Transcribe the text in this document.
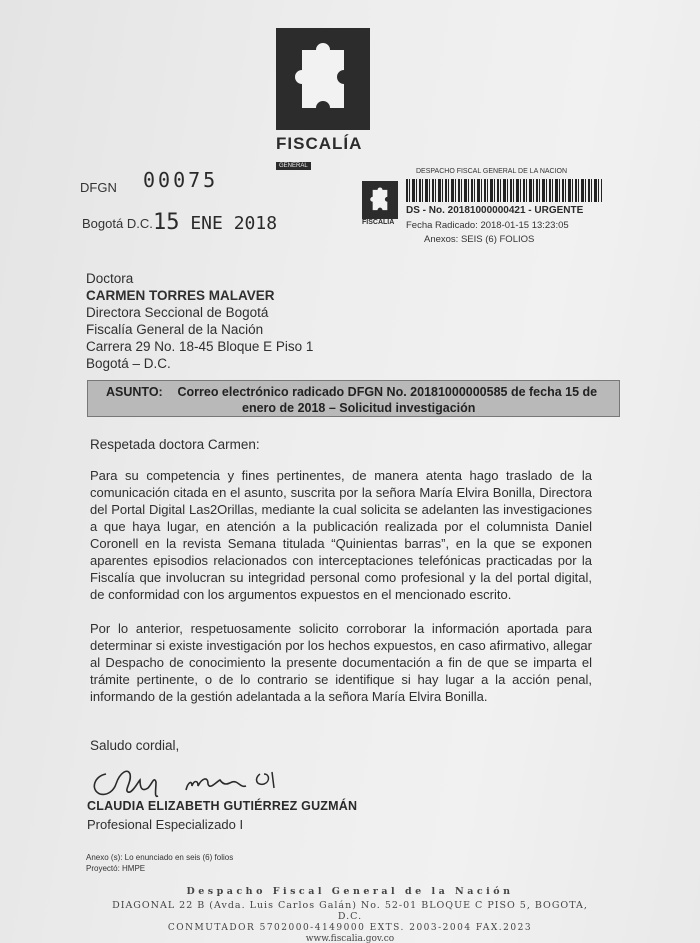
FISCALÍA
GENERAL
DFGN 00075
Bogotá D.C. 15 ENE 2018
DESPACHO FISCAL GENERAL DE LA NACION
FISCALIA
DS - No. 20181000000421 - URGENTE
Fecha Radicado: 2018-01-15 13:23:05
Anexos: SEIS (6) FOLIOS
Doctora
CARMEN TORRES MALAVER
Directora Seccional de Bogotá
Fiscalía General de la Nación
Carrera 29 No. 18-45 Bloque E Piso 1
Bogotá – D.C.
ASUNTO: Correo electrónico radicado DFGN No. 20181000000585 de fecha 15 de
enero de 2018 – Solicitud investigación
Respetada doctora Carmen:
Para su competencia y fines pertinentes, de manera atenta hago traslado de la comunicación citada en el asunto, suscrita por la señora María Elvira Bonilla, Directora del Portal Digital Las2Orillas, mediante la cual solicita se adelanten las investigaciones a que haya lugar, en atención a la publicación realizada por el columnista Daniel Coronell en la revista Semana titulada “Quinientas barras”, en la que se exponen aparentes episodios relacionados con interceptaciones telefónicas practicadas por la Fiscalía que involucran su integridad personal como profesional y la del portal digital, de conformidad con los argumentos expuestos en el mencionado escrito.
Por lo anterior, respetuosamente solicito corroborar la información aportada para determinar si existe investigación por los hechos expuestos, en caso afirmativo, allegar al Despacho de conocimiento la presente documentación a fin de que se imparta el trámite pertinente, o de lo contrario se identifique si hay lugar a la acción penal, informando de la gestión adelantada a la señora María Elvira Bonilla.
Saludo cordial,
CLAUDIA ELIZABETH GUTIÉRREZ GUZMÁN
Profesional Especializado I
Anexo (s): Lo enunciado en seis (6) folios
Proyectó: HMPE
Despacho Fiscal General de la Nación
DIAGONAL 22 B (Avda. Luis Carlos Galán) No. 52-01 BLOQUE C PISO 5, BOGOTA, D.C.
CONMUTADOR 5702000-4149000 EXTS. 2003-2004 FAX.2023
www.fiscalia.gov.co
